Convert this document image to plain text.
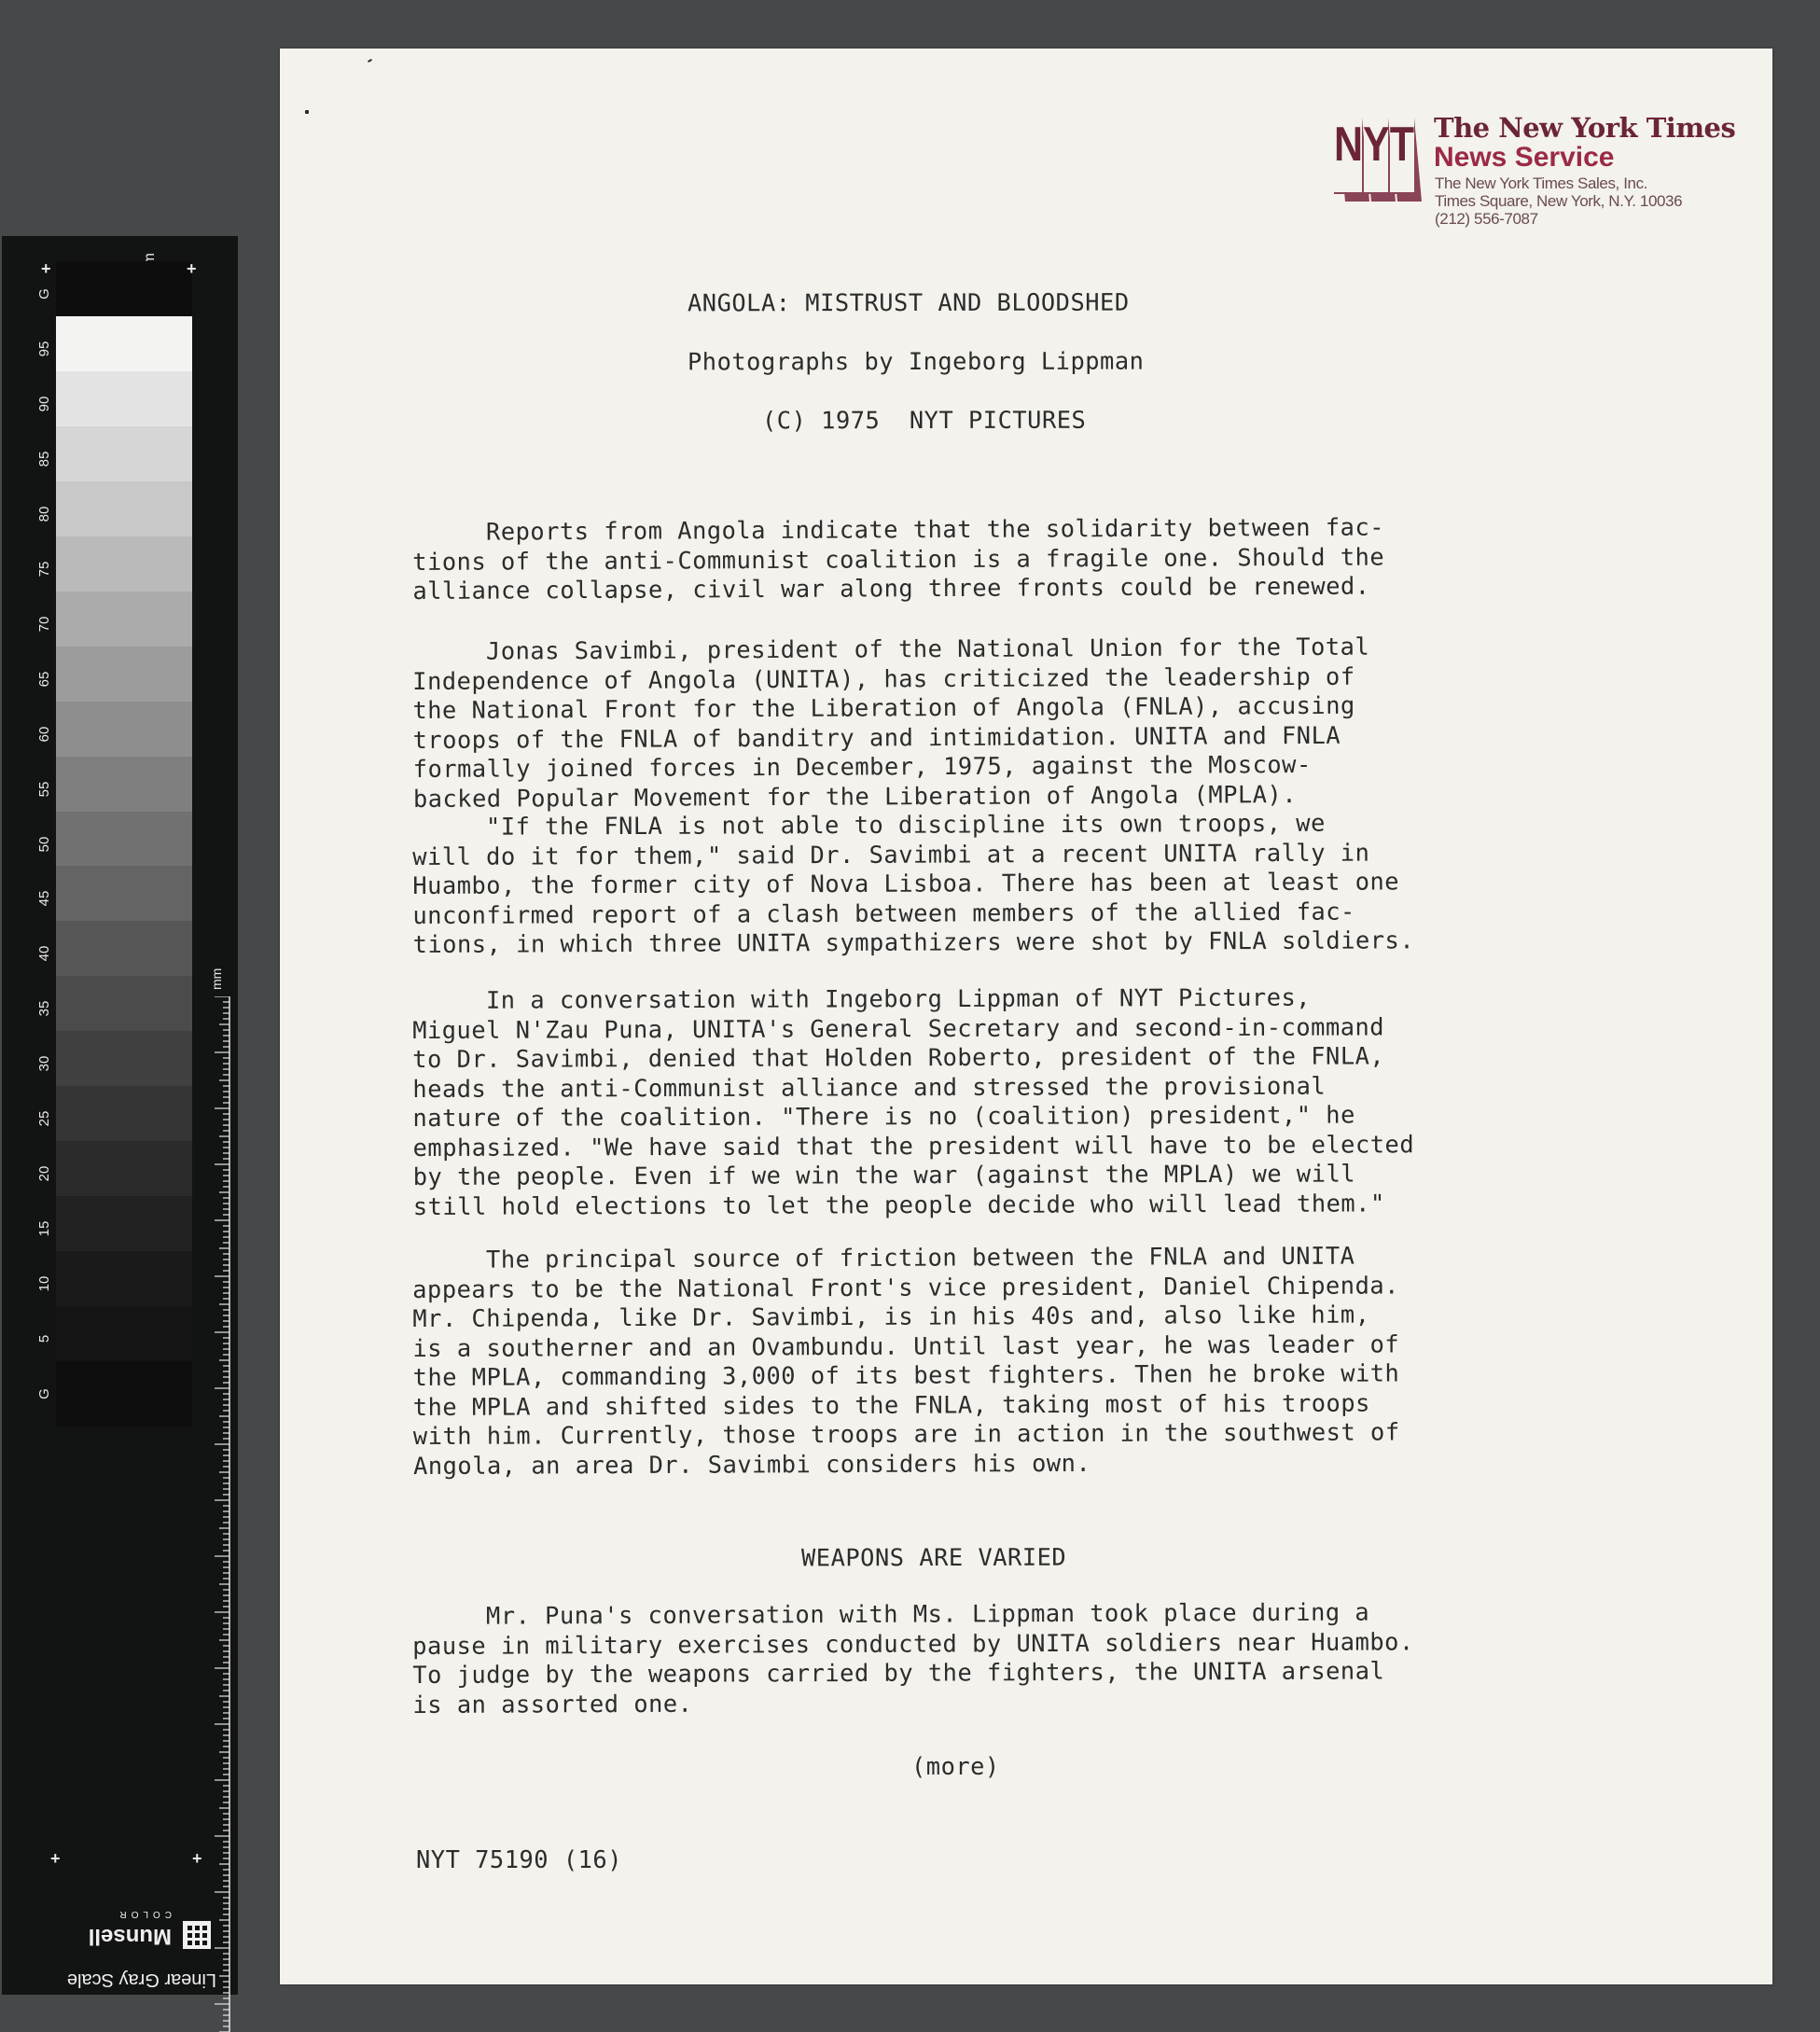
mm
Linear Gray Scale
Munsell
COLOR
G
95
90
85
80
75
70
65
60
55
50
45
40
35
30
25
20
15
10
5
G
+	+
+	+
NYT The New York Times
News Service
The New York Times Sales, Inc.
Times Square, New York, N.Y. 10036
(212) 556-7087
ANGOLA: MISTRUST AND BLOODSHED
Photographs by Ingeborg Lippman
(C) 1975  NYT PICTURES
Reports from Angola indicate that the solidarity between fac-
tions of the anti-Communist coalition is a fragile one. Should the
alliance collapse, civil war along three fronts could be renewed.
Jonas Savimbi, president of the National Union for the Total
Independence of Angola (UNITA), has criticized the leadership of
the National Front for the Liberation of Angola (FNLA), accusing
troops of the FNLA of banditry and intimidation. UNITA and FNLA
formally joined forces in December, 1975, against the Moscow-
backed Popular Movement for the Liberation of Angola (MPLA).
"If the FNLA is not able to discipline its own troops, we
will do it for them," said Dr. Savimbi at a recent UNITA rally in
Huambo, the former city of Nova Lisboa. There has been at least one
unconfirmed report of a clash between members of the allied fac-
tions, in which three UNITA sympathizers were shot by FNLA soldiers.
In a conversation with Ingeborg Lippman of NYT Pictures,
Miguel N'Zau Puna, UNITA's General Secretary and second-in-command
to Dr. Savimbi, denied that Holden Roberto, president of the FNLA,
heads the anti-Communist alliance and stressed the provisional
nature of the coalition. "There is no (coalition) president," he
emphasized. "We have said that the president will have to be elected
by the people. Even if we win the war (against the MPLA) we will
still hold elections to let the people decide who will lead them."
The principal source of friction between the FNLA and UNITA
appears to be the National Front's vice president, Daniel Chipenda.
Mr. Chipenda, like Dr. Savimbi, is in his 40s and, also like him,
is a southerner and an Ovambundu. Until last year, he was leader of
the MPLA, commanding 3,000 of its best fighters. Then he broke with
the MPLA and shifted sides to the FNLA, taking most of his troops
with him. Currently, those troops are in action in the southwest of
Angola, an area Dr. Savimbi considers his own.
Mr. Puna's conversation with Ms. Lippman took place during a
pause in military exercises conducted by UNITA soldiers near Huambo.
To judge by the weapons carried by the fighters, the UNITA arsenal
is an assorted one.
WEAPONS ARE VARIED
(more)
NYT 75190 (16)
